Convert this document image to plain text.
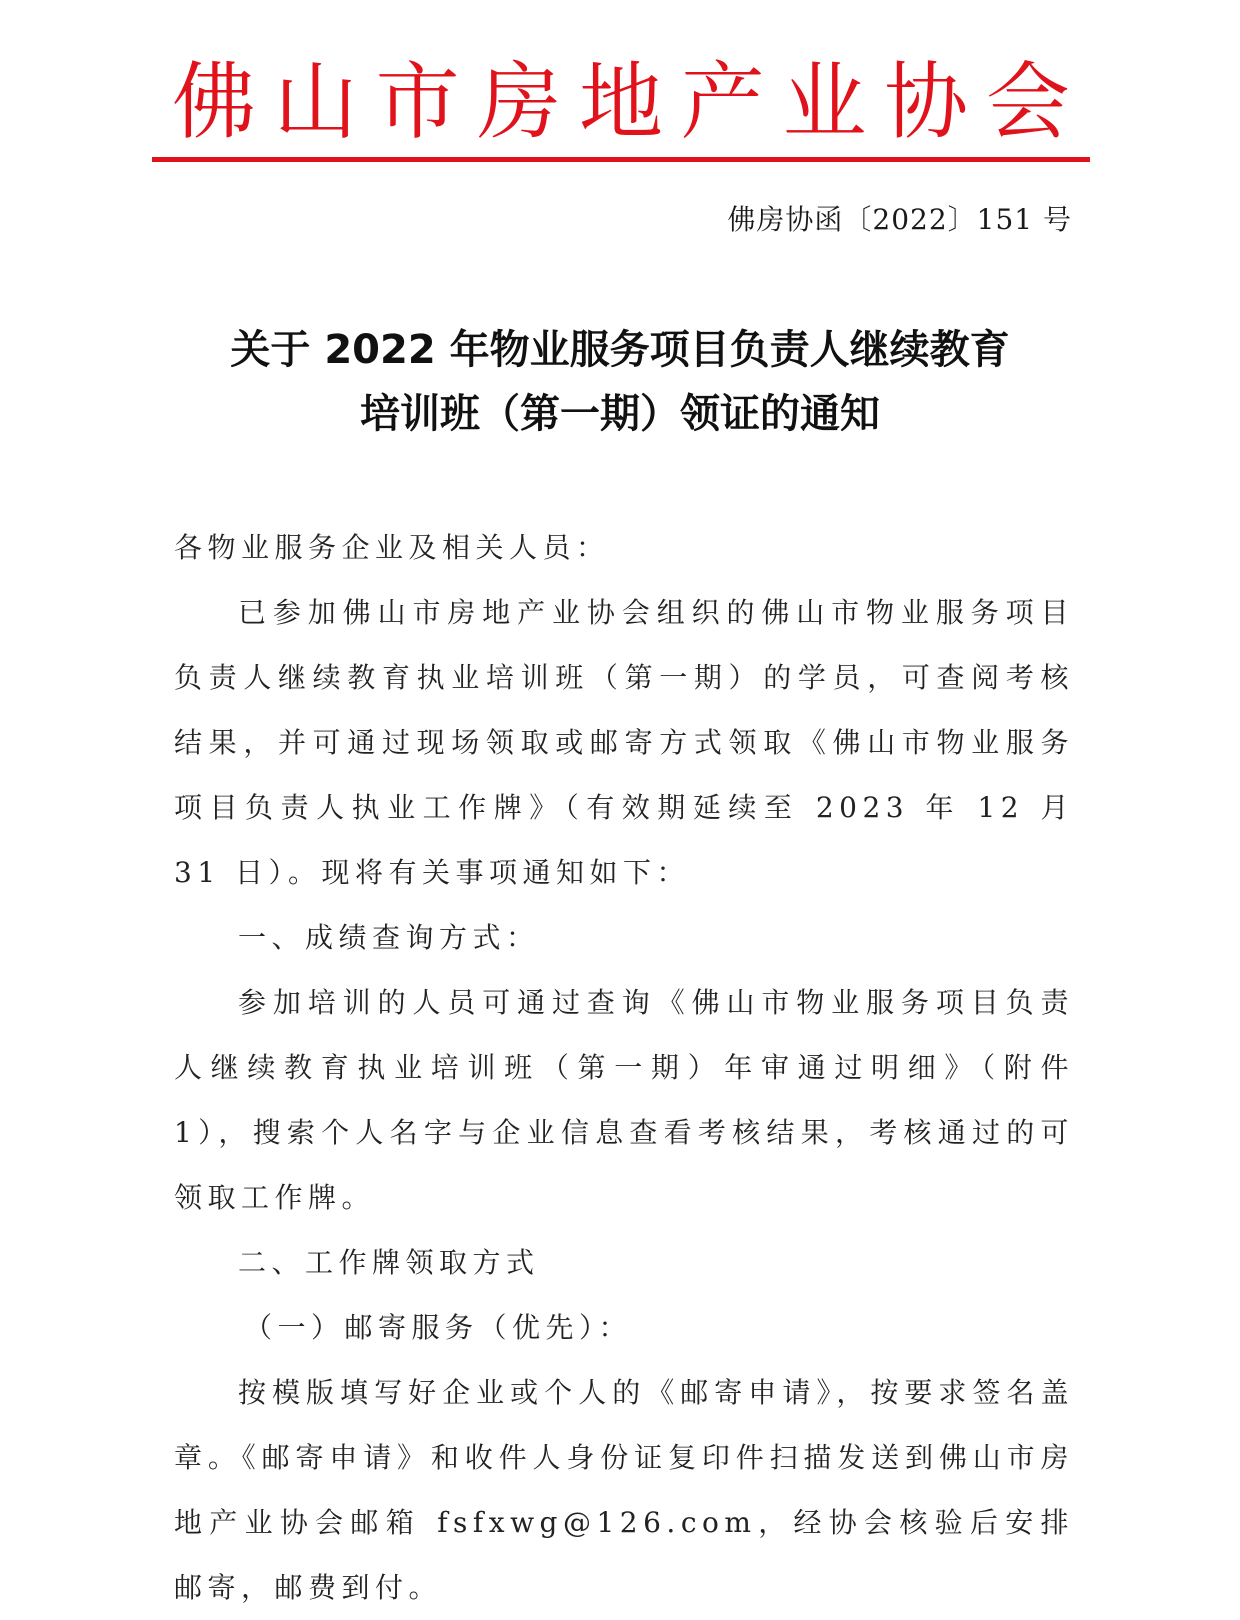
佛 山 市 房 地 产 业 协 会
佛房协函〔2022〕151 号
关于 2022 年物业服务项目负责人继续教育
培训班（第一期）领证的通知

各物业服务企业及相关人员：

已参加佛山市房地产业协会组织的佛山市物业服务项目负责人继续教育执业培训班（第一期）的学员，可查阅考核结果，并可通过现场领取或邮寄方式领取《佛山市物业服务项目负责人执业工作牌》（有效期延续至 2023 年 12 月 31 日）。现将有关事项通知如下：

一、成绩查询方式：

参加培训的人员可通过查询《佛山市物业服务项目负责人继续教育执业培训班（第一期）年审通过明细》（附件 1），搜索个人名字与企业信息查看考核结果，考核通过的可领取工作牌。

二、工作牌领取方式

（一）邮寄服务（优先）：

按模版填写好企业或个人的《邮寄申请》，按要求签名盖章。《邮寄申请》和收件人身份证复印件扫描发送到佛山市房地产业协会邮箱 fsfxwg@126.com，经协会核验后安排邮寄，邮费到付。
